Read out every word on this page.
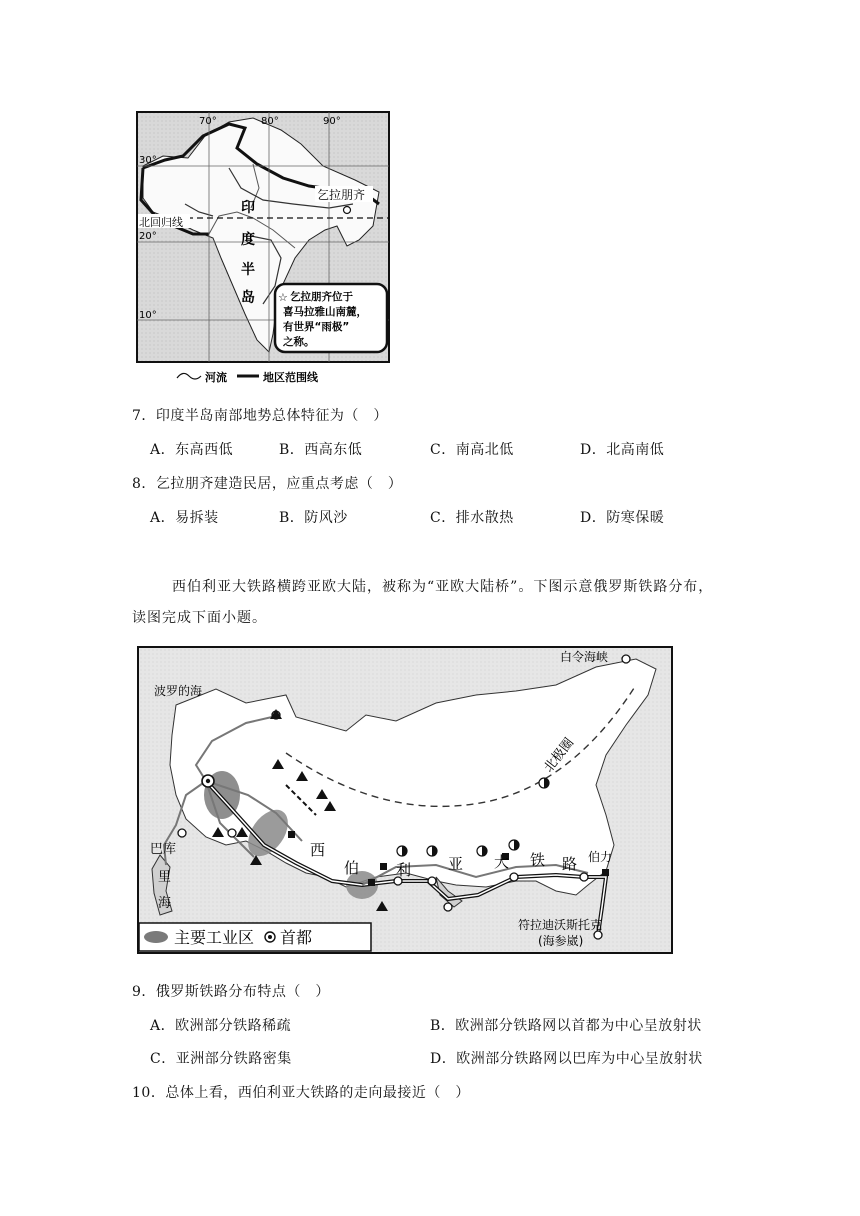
70°	80°	90°
30°
20°
10°
北回归线
乞拉朋齐
印
度
半
岛 ☆ 乞拉朋齐位于
喜马拉雅山南麓，
有世界“雨极”
之称。
河流	地区范围线
7．印度半岛南部地势总体特征为（　）
A．东高西低	B．西高东低	C．南高北低	D．北高南低
8．乞拉朋齐建造民居，应重点考虑（　）
A．易拆装	B．防风沙	C．排水散热	D．防寒保暖
西伯利亚大铁路横跨亚欧大陆，被称为“亚欧大陆桥”。下图示意俄罗斯铁路分布，
读图完成下面小题。
白令海峡
波罗的海
北极圈
巴库
里
海
西
伯 利 亚 大 铁 路 伯力
符拉迪沃斯托克
(海参崴)
主要工业区 首都
9．俄罗斯铁路分布特点（　）
A．欧洲部分铁路稀疏	B．欧洲部分铁路网以首都为中心呈放射状
C．亚洲部分铁路密集	D．欧洲部分铁路网以巴库为中心呈放射状
10．总体上看，西伯利亚大铁路的走向最接近（　）
